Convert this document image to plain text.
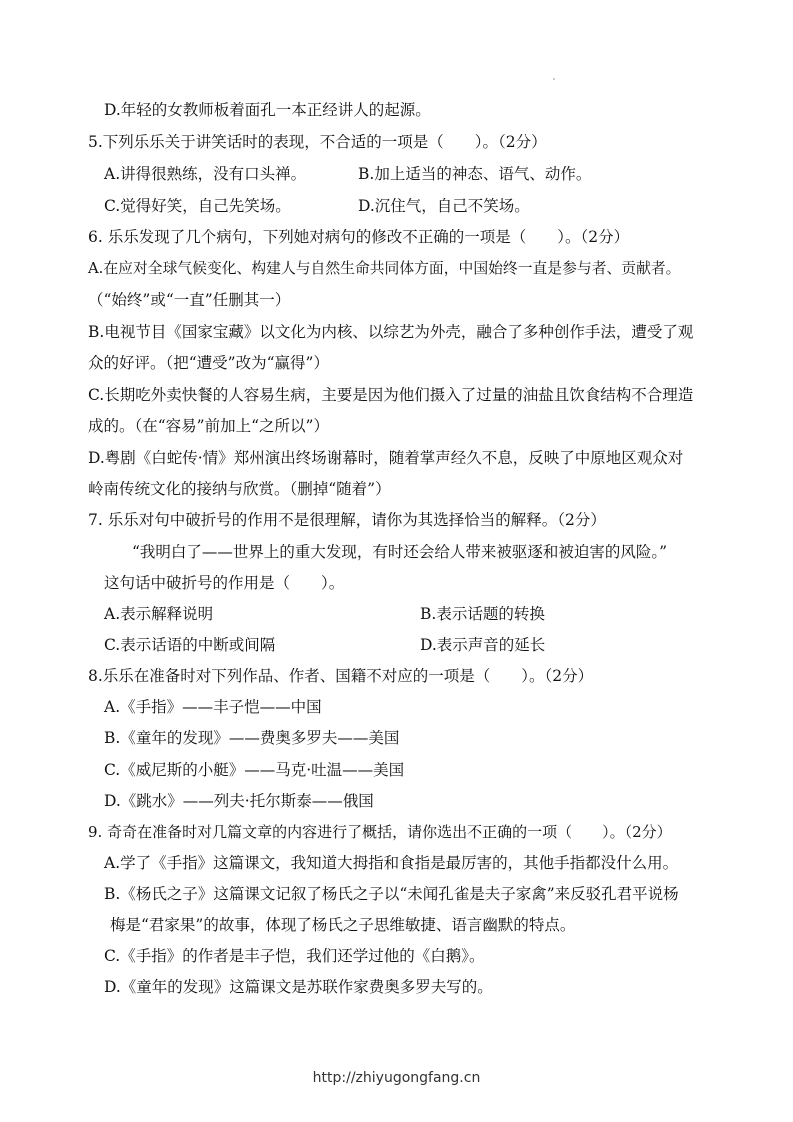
D.年轻的女教师板着面孔一本正经讲人的起源。
5.下列乐乐关于讲笑话时的表现，不合适的一项是（　　）。（2分）
A.讲得很熟练，没有口头禅。	B.加上适当的神态、语气、动作。
C.觉得好笑，自己先笑场。	D.沉住气，自己不笑场。
6. 乐乐发现了几个病句，下列她对病句的修改不正确的一项是（　　）。（2分）
A.在应对全球气候变化、构建人与自然生命共同体方面，中国始终一直是参与者、贡献者。
（“始终”或“一直”任删其一）
B.电视节目《国家宝藏》以文化为内核、以综艺为外壳，融合了多种创作手法，遭受了观
众的好评。（把“遭受”改为“赢得”）
C.长期吃外卖快餐的人容易生病，主要是因为他们摄入了过量的油盐且饮食结构不合理造
成的。（在“容易”前加上“之所以”）
D.粤剧《白蛇传·情》郑州演出终场谢幕时，随着掌声经久不息，反映了中原地区观众对
岭南传统文化的接纳与欣赏。（删掉“随着”）
7. 乐乐对句中破折号的作用不是很理解，请你为其选择恰当的解释。（2分）
“我明白了——世界上的重大发现，有时还会给人带来被驱逐和被迫害的风险。”
这句话中破折号的作用是（　　）。
A.表示解释说明	B.表示话题的转换
C.表示话语的中断或间隔	D.表示声音的延长
8.乐乐在准备时对下列作品、作者、国籍不对应的一项是（　　）。（2分）
A.《手指》——丰子恺——中国
B.《童年的发现》——费奥多罗夫——美国
C.《威尼斯的小艇》——马克·吐温——美国
D.《跳水》——列夫·托尔斯泰——俄国
9. 奇奇在准备时对几篇文章的内容进行了概括，请你选出不正确的一项（　　）。（2分）
A.学了《手指》这篇课文，我知道大拇指和食指是最厉害的，其他手指都没什么用。
B.《杨氏之子》这篇课文记叙了杨氏之子以“未闻孔雀是夫子家禽”来反驳孔君平说杨
梅是“君家果”的故事，体现了杨氏之子思维敏捷、语言幽默的特点。
C.《手指》的作者是丰子恺，我们还学过他的《白鹅》。
D.《童年的发现》这篇课文是苏联作家费奥多罗夫写的。
http://zhiyugongfang.cn
